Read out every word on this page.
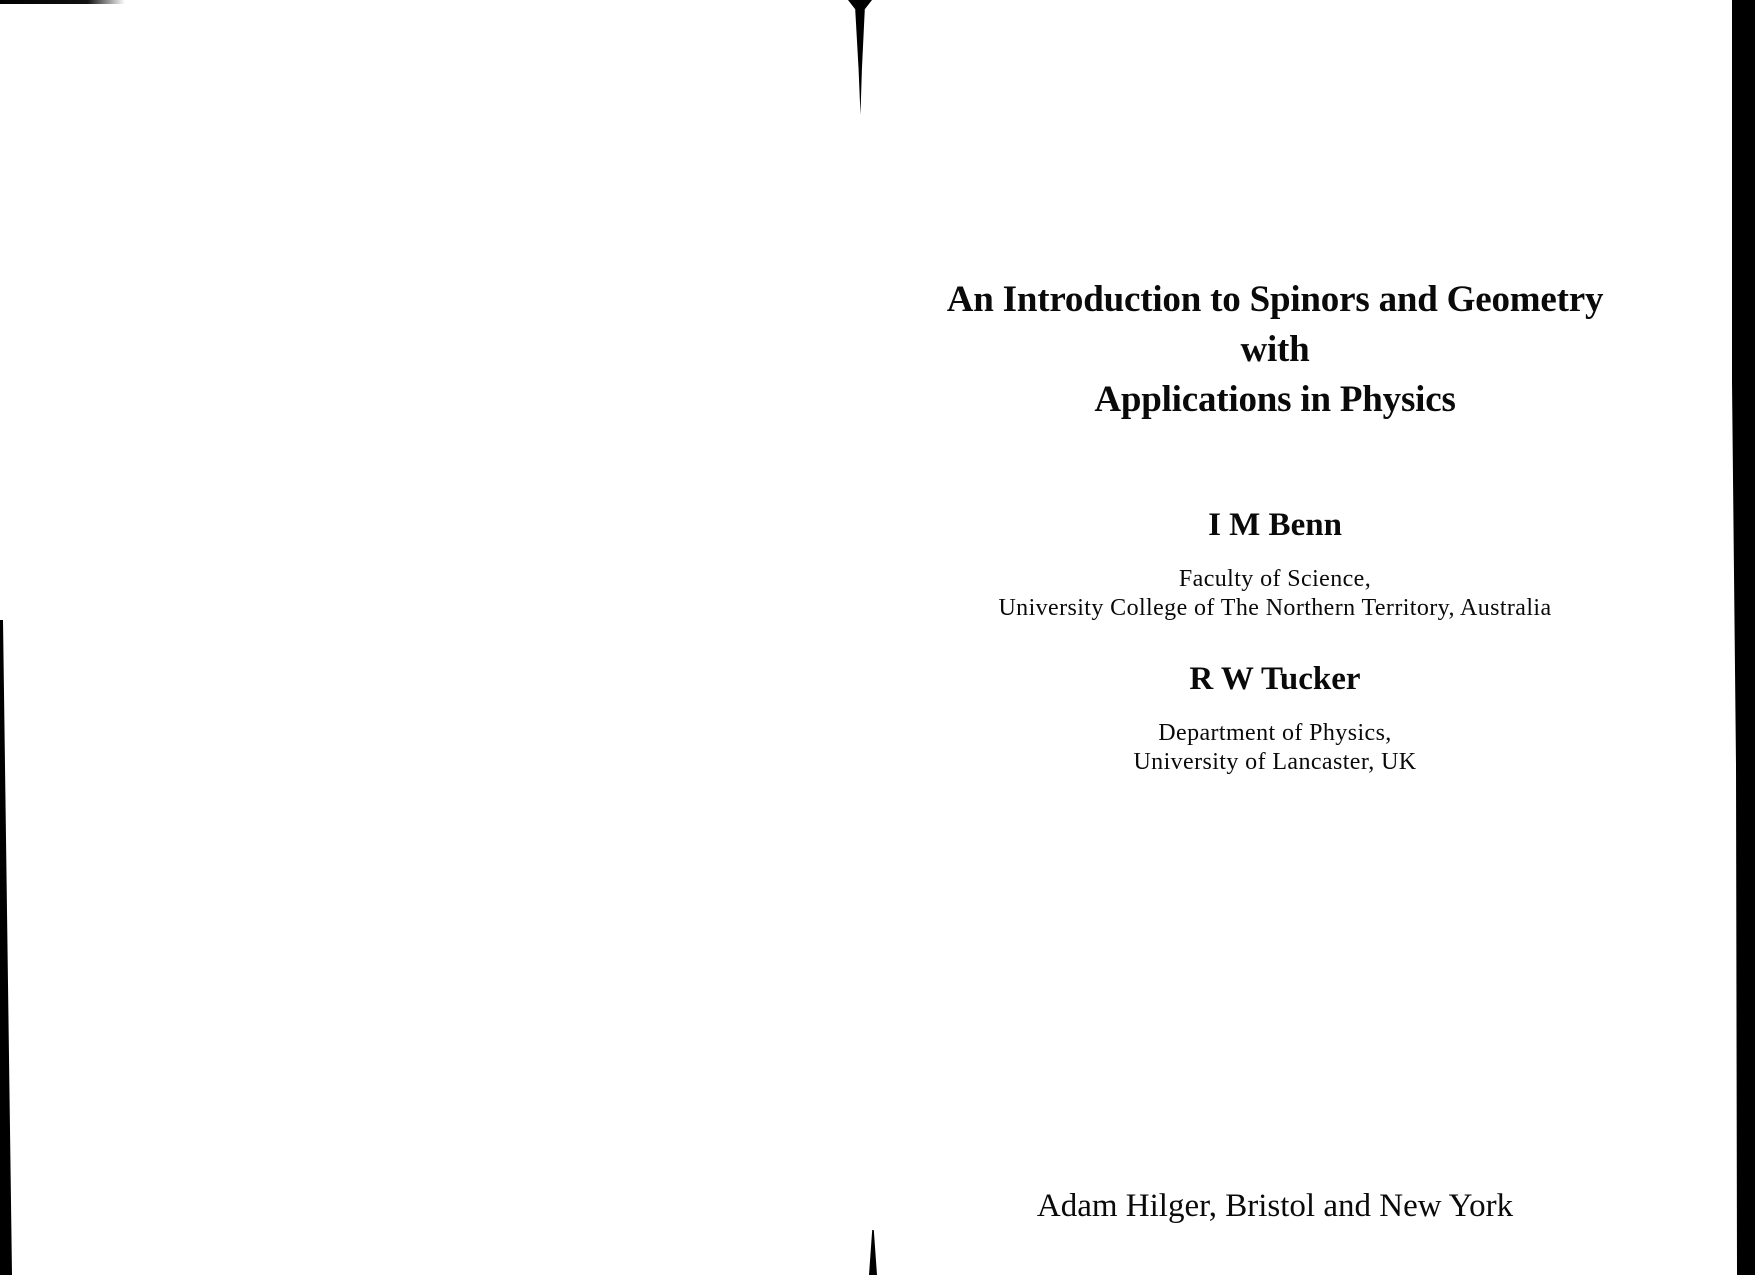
An Introduction to Spinors and Geometry
with
Applications in Physics
I M Benn
Faculty of Science,
University College of The Northern Territory, Australia
R W Tucker
Department of Physics,
University of Lancaster, UK
Adam Hilger, Bristol and New York
